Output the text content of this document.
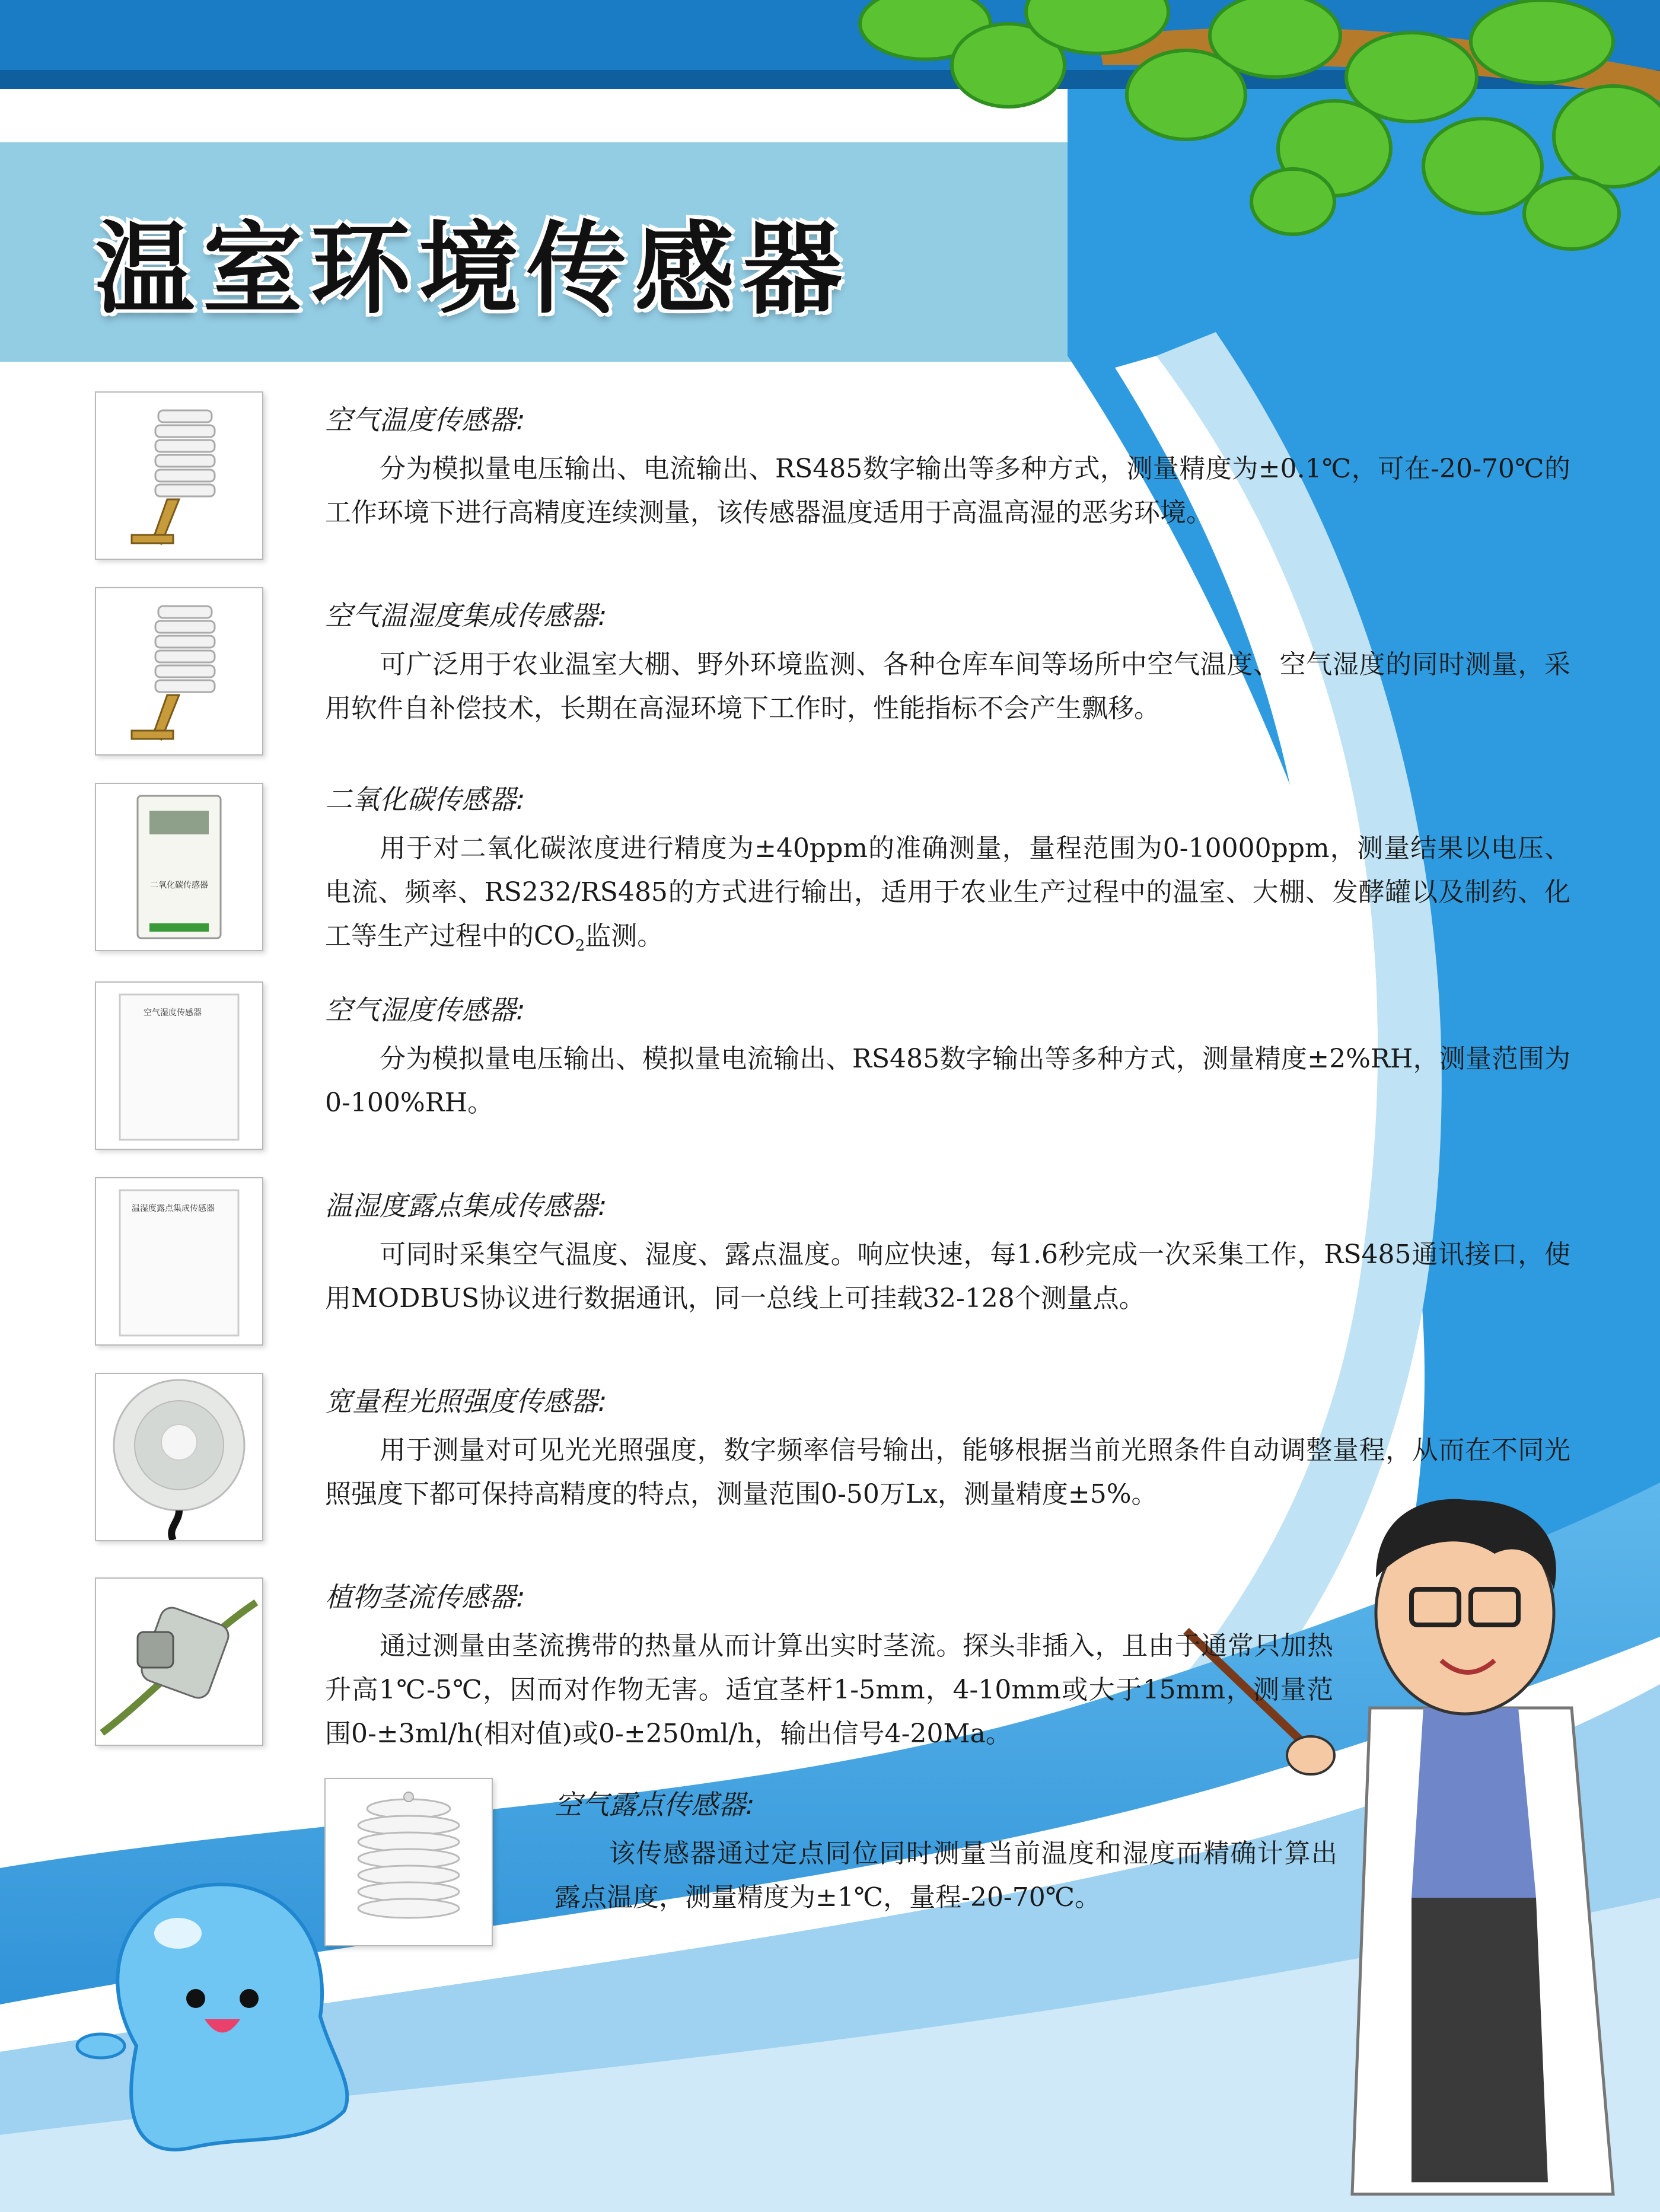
温室环境传感器
二氧化碳传感器
空气湿度传感器
温湿度露点集成传感器
空气温度传感器:

分为模拟量电压输出、电流输出、RS485数字输出等多种方式，测量精度为±0.1℃，可在-20-70℃的工作环境下进行高精度连续测量，该传感器温度适用于高温高湿的恶劣环境。

空气温湿度集成传感器:

可广泛用于农业温室大棚、野外环境监测、各种仓库车间等场所中空气温度、空气湿度的同时测量，采用软件自补偿技术，长期在高湿环境下工作时，性能指标不会产生飘移。

二氧化碳传感器:

用于对二氧化碳浓度进行精度为±40ppm的准确测量，量程范围为0-10000ppm，测量结果以电压、电流、频率、RS232/RS485的方式进行输出，适用于农业生产过程中的温室、大棚、发酵罐以及制药、化工等生产过程中的$CO_2$监测。

空气湿度传感器:

分为模拟量电压输出、模拟量电流输出、RS485数字输出等多种方式，测量精度±2%RH，测量范围为0-100%RH。

温湿度露点集成传感器:

可同时采集空气温度、湿度、露点温度。响应快速，每1.6秒完成一次采集工作，RS485通讯接口，使用MODBUS协议进行数据通讯，同一总线上可挂载32-128个测量点。

宽量程光照强度传感器:

用于测量对可见光光照强度，数字频率信号输出，能够根据当前光照条件自动调整量程，从而在不同光照强度下都可保持高精度的特点，测量范围0-50万Lx，测量精度±5%。

植物茎流传感器:

通过测量由茎流携带的热量从而计算出实时茎流。探头非插入，且由于通常只加热升高1℃-5℃，因而对作物无害。适宜茎杆1-5mm，4-10mm或大于15mm，测量范围0-±3ml/h(相对值)或0-±250ml/h，输出信号4-20Ma。

空气露点传感器:

该传感器通过定点同位同时测量当前温度和湿度而精确计算出露点温度，测量精度为±1℃，量程-20-70℃。
